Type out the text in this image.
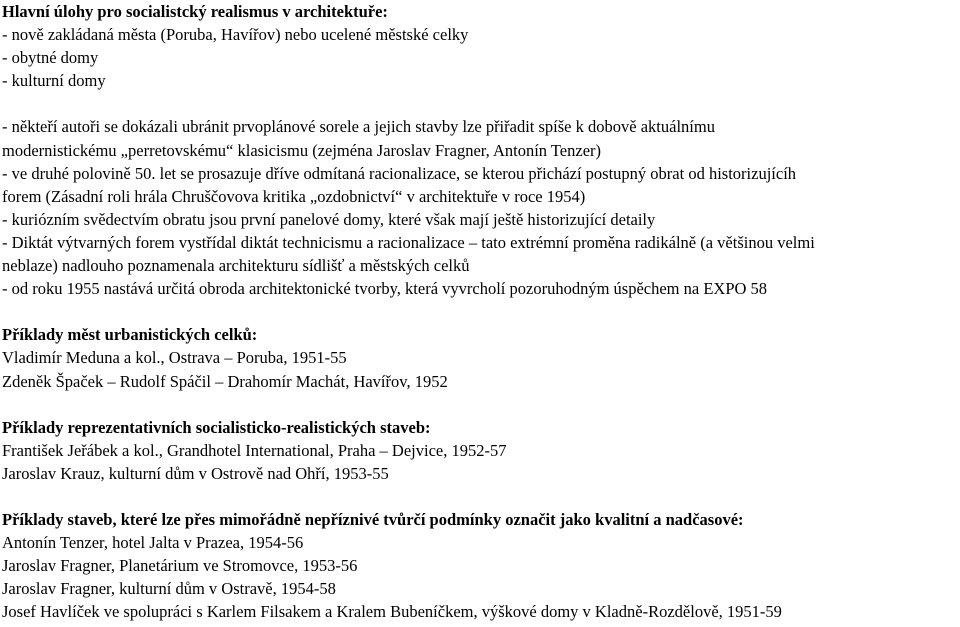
Hlavní úlohy pro socialistcký realismus v architektuře:
- nově zakládaná města (Poruba, Havířov) nebo ucelené městské celky
- obytné domy
- kulturní domy
- někteří autoři se dokázali ubránit prvoplánové sorele a jejich stavby lze přiřadit spíše k dobově aktuálnímu
modernistickému „perretovskému“ klasicismu (zejména Jaroslav Fragner, Antonín Tenzer)
- ve druhé polovině 50. let se prosazuje dříve odmítaná racionalizace, se kterou přichází postupný obrat od historizujícíh
forem (Zásadní roli hrála Chruščovova kritika „ozdobnictví“ v architektuře v roce 1954)
- kuriózním svědectvím obratu jsou první panelové domy, které však mají ještě historizující detaily
- Diktát výtvarných forem vystřídal diktát technicismu a racionalizace – tato extrémní proměna radikálně (a většinou velmi
neblaze) nadlouho poznamenala architekturu sídlišť a městských celků
- od roku 1955 nastává určitá obroda architektonické tvorby, která vyvrcholí pozoruhodným úspěchem na EXPO 58
Příklady měst urbanistických celků:
Vladimír Meduna a kol., Ostrava – Poruba, 1951-55
Zdeněk Špaček – Rudolf Spáčil – Drahomír Machát, Havířov, 1952
Příklady reprezentativních socialisticko-realistických staveb:
František Jeřábek a kol., Grandhotel International, Praha – Dejvice, 1952-57
Jaroslav Krauz, kulturní dům v Ostrově nad Ohří, 1953-55
Příklady staveb, které lze přes mimořádně nepříznivé tvůrčí podmínky označit jako kvalitní a nadčasové:
Antonín Tenzer, hotel Jalta v Prazea, 1954-56
Jaroslav Fragner, Planetárium ve Stromovce, 1953-56
Jaroslav Fragner, kulturní dům v Ostravě, 1954-58
Josef Havlíček ve spolupráci s Karlem Filsakem a Kralem Bubeníčkem, výškové domy v Kladně-Rozdělově, 1951-59
